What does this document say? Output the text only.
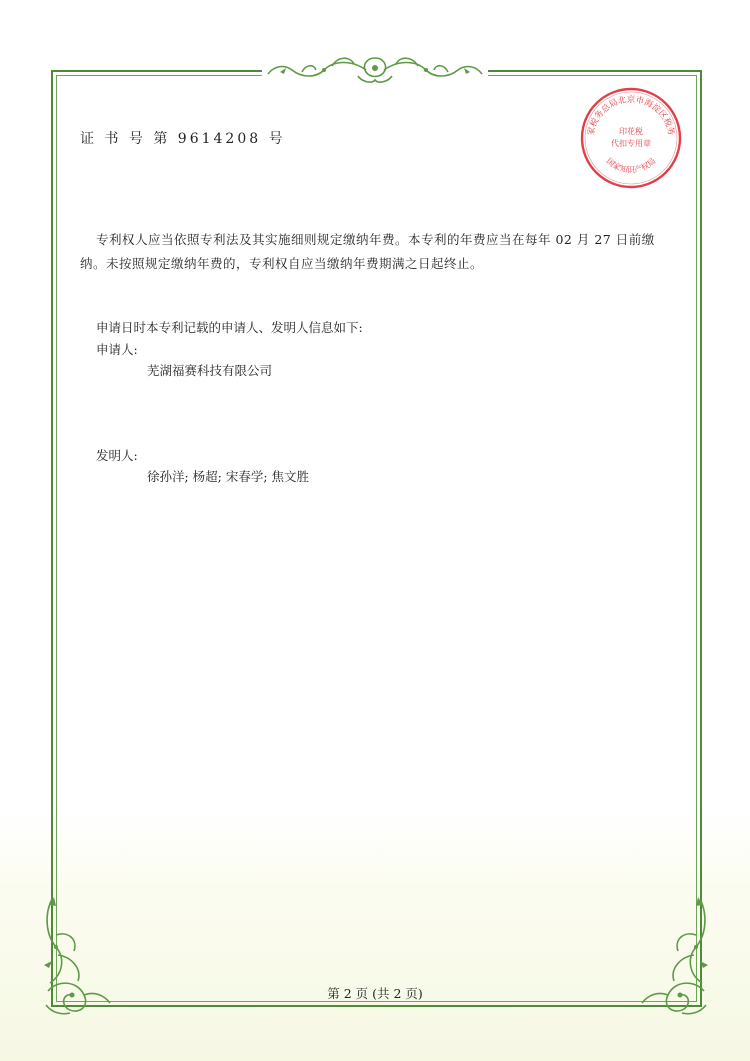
家税务总局北京市海淀区税务
印花税
代扣专用章
国家知识产权局
证 书 号 第 9614208 号
专利权人应当依照专利法及其实施细则规定缴纳年费。本专利的年费应当在每年 02 月 27 日前缴纳。未按照规定缴纳年费的，专利权自应当缴纳年费期满之日起终止。
申请日时本专利记载的申请人、发明人信息如下:
申请人:
芜湖福赛科技有限公司
发明人:
徐孙洋; 杨超; 宋春学; 焦文胜
第 2 页 (共 2 页)
